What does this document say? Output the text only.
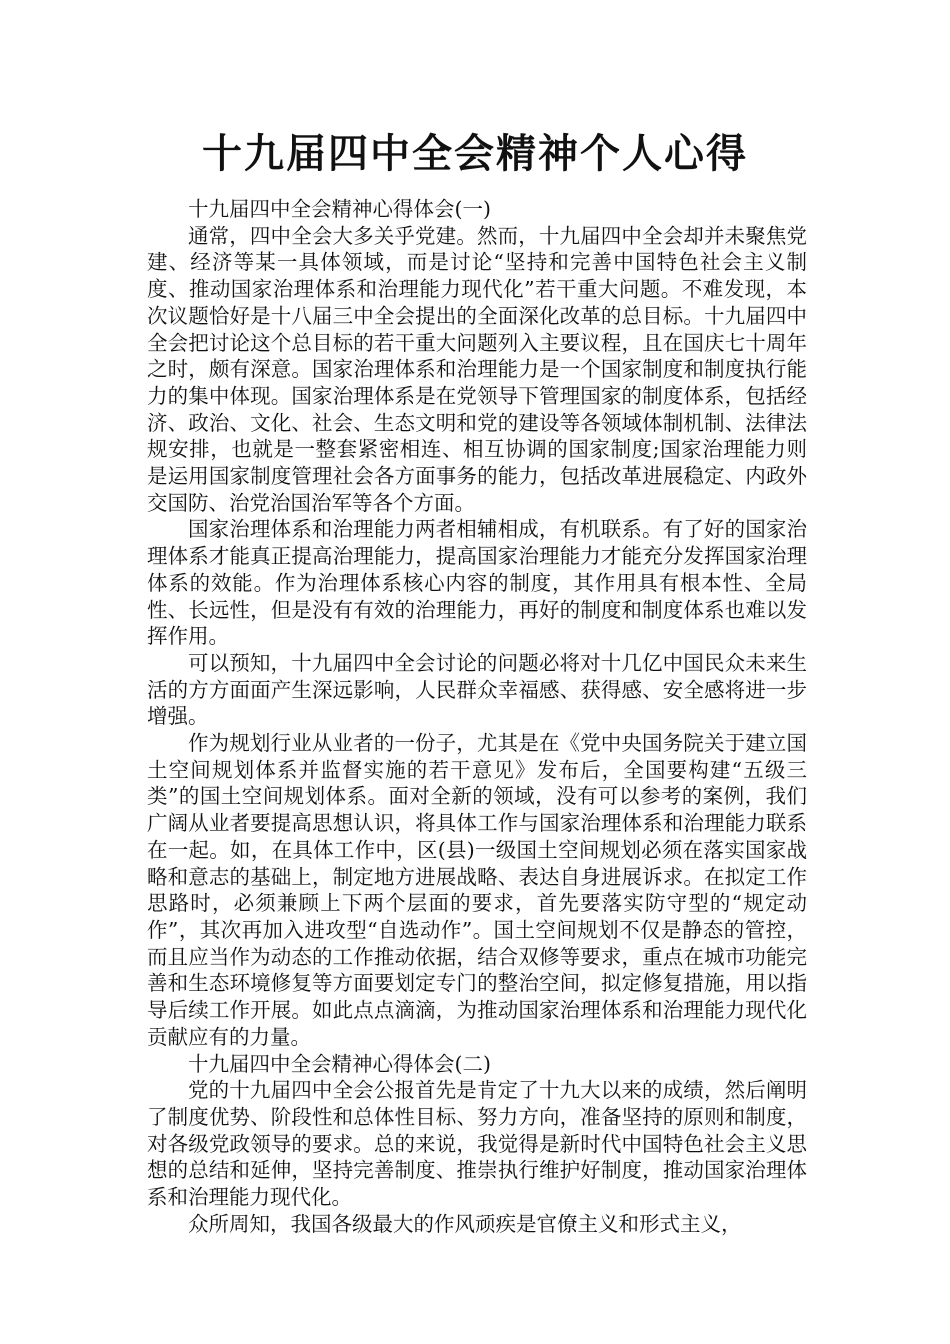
十九届四中全会精神个人心得

十九届四中全会精神心得体会(一)

通常，四中全会大多关乎党建。然而，十九届四中全会却并未聚焦党建、经济等某一具体领域，而是讨论“坚持和完善中国特色社会主义制度、推动国家治理体系和治理能力现代化”若干重大问题。不难发现，本次议题恰好是十八届三中全会提出的全面深化改革的总目标。十九届四中全会把讨论这个总目标的若干重大问题列入主要议程，且在国庆七十周年之时，颇有深意。国家治理体系和治理能力是一个国家制度和制度执行能力的集中体现。国家治理体系是在党领导下管理国家的制度体系，包括经济、政治、文化、社会、生态文明和党的建设等各领域体制机制、法律法规安排，也就是一整套紧密相连、相互协调的国家制度;国家治理能力则是运用国家制度管理社会各方面事务的能力，包括改革进展稳定、内政外交国防、治党治国治军等各个方面。

国家治理体系和治理能力两者相辅相成，有机联系。有了好的国家治理体系才能真正提高治理能力，提高国家治理能力才能充分发挥国家治理体系的效能。作为治理体系核心内容的制度，其作用具有根本性、全局性、长远性，但是没有有效的治理能力，再好的制度和制度体系也难以发挥作用。

可以预知，十九届四中全会讨论的问题必将对十几亿中国民众未来生活的方方面面产生深远影响，人民群众幸福感、获得感、安全感将进一步增强。

作为规划行业从业者的一份子，尤其是在《党中央国务院关于建立国土空间规划体系并监督实施的若干意见》发布后，全国要构建“五级三类”的国土空间规划体系。面对全新的领域，没有可以参考的案例，我们广阔从业者要提高思想认识，将具体工作与国家治理体系和治理能力联系在一起。如，在具体工作中，区(县)一级国土空间规划必须在落实国家战略和意志的基础上，制定地方进展战略、表达自身进展诉求。在拟定工作思路时，必须兼顾上下两个层面的要求，首先要落实防守型的“规定动作”，其次再加入进攻型“自选动作”。国土空间规划不仅是静态的管控，而且应当作为动态的工作推动依据，结合双修等要求，重点在城市功能完善和生态环境修复等方面要划定专门的整治空间，拟定修复措施，用以指导后续工作开展。如此点点滴滴，为推动国家治理体系和治理能力现代化贡献应有的力量。

十九届四中全会精神心得体会(二)

党的十九届四中全会公报首先是肯定了十九大以来的成绩，然后阐明了制度优势、阶段性和总体性目标、努力方向，准备坚持的原则和制度，对各级党政领导的要求。总的来说，我觉得是新时代中国特色社会主义思想的总结和延伸，坚持完善制度、推崇执行维护好制度，推动国家治理体系和治理能力现代化。

众所周知，我国各级最大的作风顽疾是官僚主义和形式主义，
